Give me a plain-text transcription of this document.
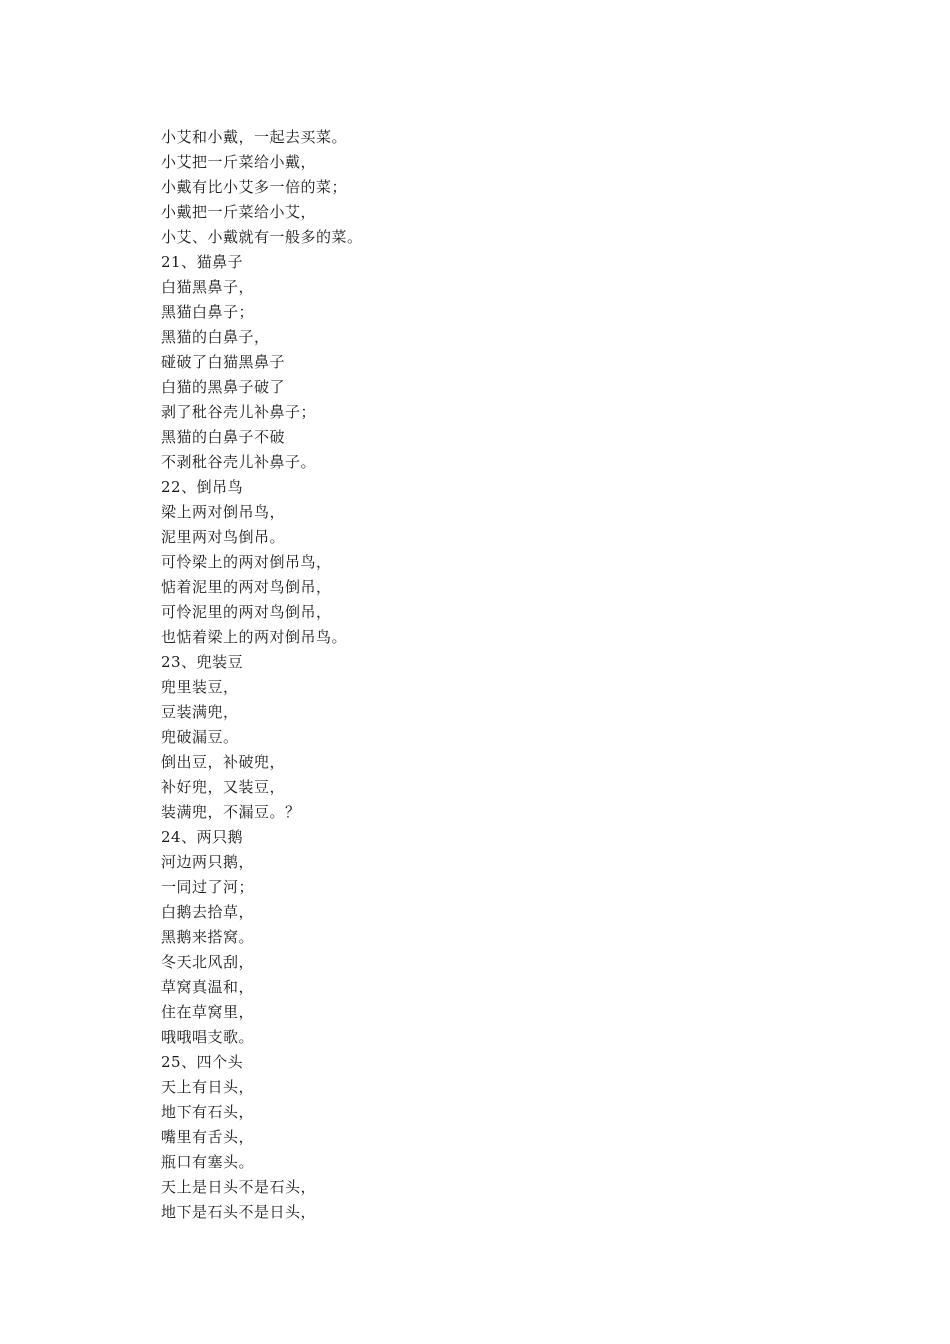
小艾和小戴，一起去买菜。
小艾把一斤菜给小戴，
小戴有比小艾多一倍的菜；
小戴把一斤菜给小艾，
小艾、小戴就有一般多的菜。
21、猫鼻子
白猫黑鼻子，
黑猫白鼻子；
黑猫的白鼻子，
碰破了白猫黑鼻子
白猫的黑鼻子破了
剥了秕谷壳儿补鼻子；
黑猫的白鼻子不破
不剥秕谷壳儿补鼻子。
22、倒吊鸟
梁上两对倒吊鸟，
泥里两对鸟倒吊。
可怜梁上的两对倒吊鸟，
惦着泥里的两对鸟倒吊，
可怜泥里的两对鸟倒吊，
也惦着梁上的两对倒吊鸟。
23、兜装豆
兜里装豆，
豆装满兜，
兜破漏豆。
倒出豆，补破兜，
补好兜，又装豆，
装满兜，不漏豆。？
24、两只鹅
河边两只鹅，
一同过了河；
白鹅去拾草，
黑鹅来搭窝。
冬天北风刮，
草窝真温和，
住在草窝里，
哦哦唱支歌。
25、四个头
天上有日头，
地下有石头，
嘴里有舌头，
瓶口有塞头。
天上是日头不是石头，
地下是石头不是日头，
